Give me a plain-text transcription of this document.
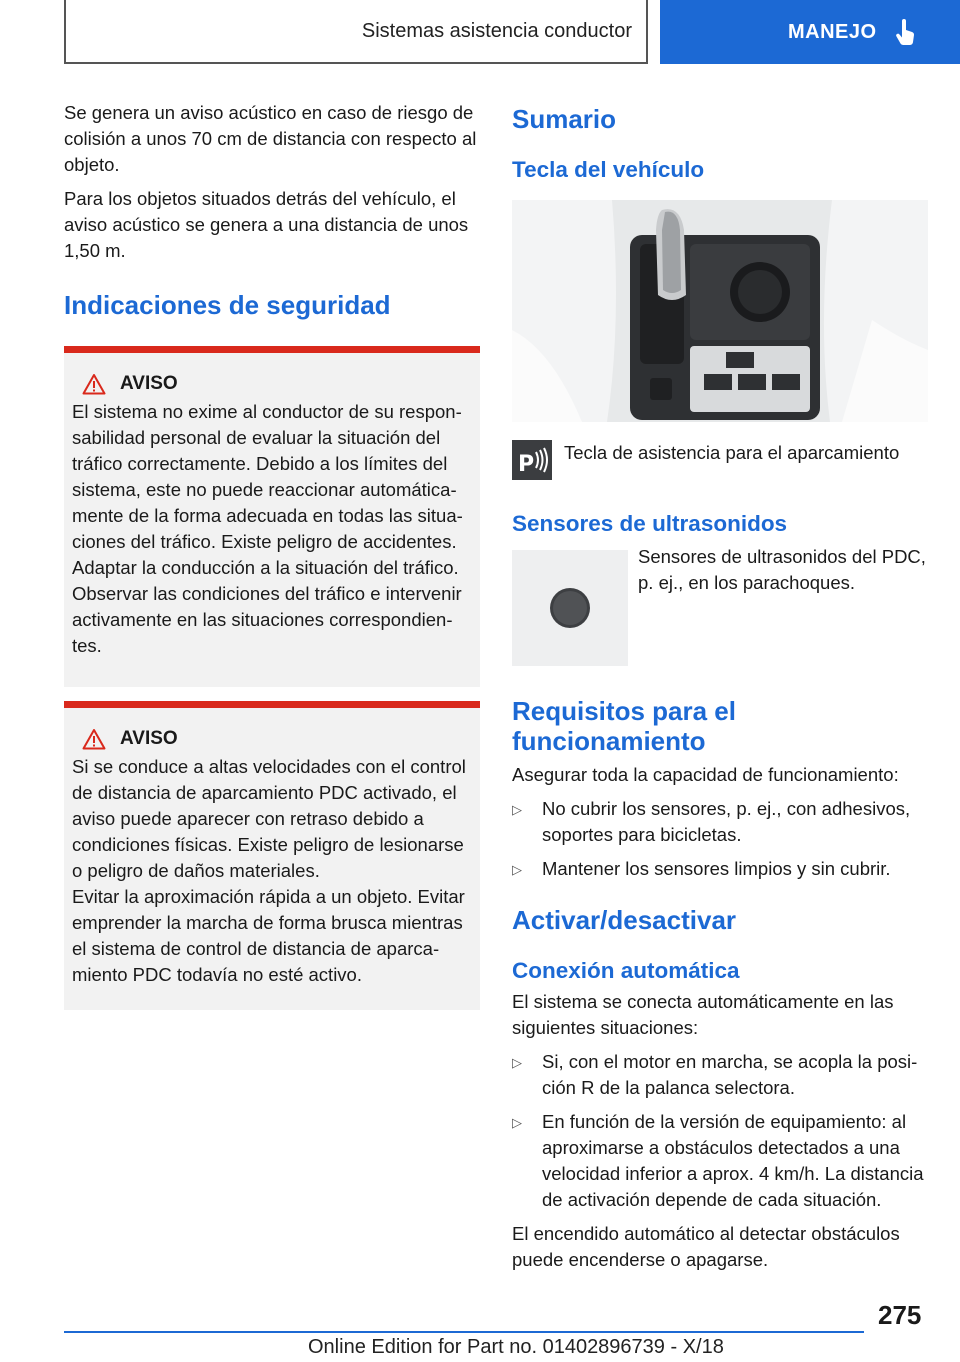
Sistemas asistencia conductor	MANEJO

Se genera un aviso acústico en caso de riesgo de colisión a unos 70 cm de distancia con respecto al objeto.

Para los objetos situados detrás del vehículo, el aviso acústico se genera a una distancia de unos 1,50 m.

Indicaciones de seguridad
AVISO

El sistema no exime al conductor de su responsabilidad personal de evaluar la situación del tráfico correctamente. Debido a los límites del sistema, este no puede reaccionar automáticamente de la forma adecuada en todas las situaciones del tráfico. Existe peligro de accidentes.

Adaptar la conducción a la situación del tráfico.

Observar las condiciones del tráfico e intervenir activamente en las situaciones correspondientes.

AVISO

Si se conduce a altas velocidades con el control de distancia de aparcamiento PDC activado, el aviso puede aparecer con retraso debido a condiciones físicas. Existe peligro de lesionarse o peligro de daños materiales.

Evitar la aproximación rápida a un objeto. Evitar emprender la marcha de forma brusca mientras el sistema de control de distancia de aparcamiento PDC todavía no esté activo.

Sumario
Tecla del vehículo
P Tecla de asistencia para el aparcamiento

Sensores de ultrasonidos

Sensores de ultrasonidos del PDC, p. ej., en los parachoques.

Requisitos para el funcionamiento

Asegurar toda la capacidad de funcionamiento:

▷	No cubrir los sensores, p. ej., con adhesivos, soportes para bicicletas.
▷	Mantener los sensores limpios y sin cubrir.
Activar/desactivar
Conexión automática

El sistema se conecta automáticamente en las siguientes situaciones:

▷	Si, con el motor en marcha, se acopla la posición R de la palanca selectora.
▷	En función de la versión de equipamiento: al aproximarse a obstáculos detectados a una velocidad inferior a aprox. 4 km/h. La distancia de activación depende de cada situación.

El encendido automático al detectar obstáculos puede encenderse o apagarse.

275
Online Edition for Part no. 01402896739 - X/18
